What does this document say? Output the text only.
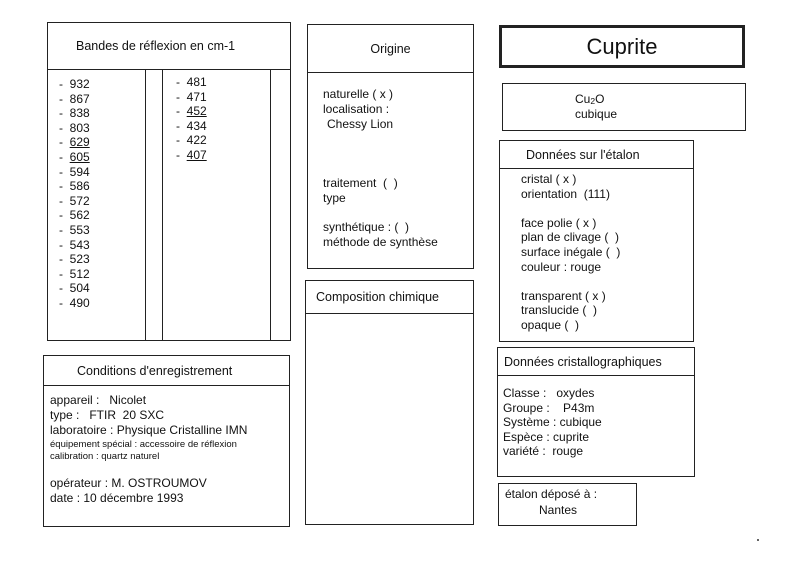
Bandes de réflexion en cm-1
-  932
-  867
-  838
-  803
-  629
-  605
-  594
-  586
-  572
-  562
-  553
-  543
-  523
-  512
-  504
-  490
-  481
-  471
-  452
-  434
-  422
-  407
Origine
naturelle ( x )
localisation :
Chessy Lion
traitement  (  )
type
synthétique : (  )
méthode de synthèse
Composition chimique
Cuprite
$Cu_2O$
cubique
Données sur l'étalon
cristal ( x )
orientation  (111)

face polie ( x )
plan de clivage (  )
surface inégale (  )
couleur : rouge

transparent ( x )
translucide (  )
opaque (  )
Données cristallographiques
Classe :   oxydes
Groupe :    P43m
Système : cubique
Espèce : cuprite
variété :  rouge
étalon déposé à :
Nantes
Conditions d'enregistrement
appareil :   Nicolet
type :   FTIR  20 SXC
laboratoire : Physique Cristalline IMN
équipement spécial : accessoire de réflexion
calibration : quartz naturel
opérateur : M. OSTROUMOV
date : 10 décembre 1993
